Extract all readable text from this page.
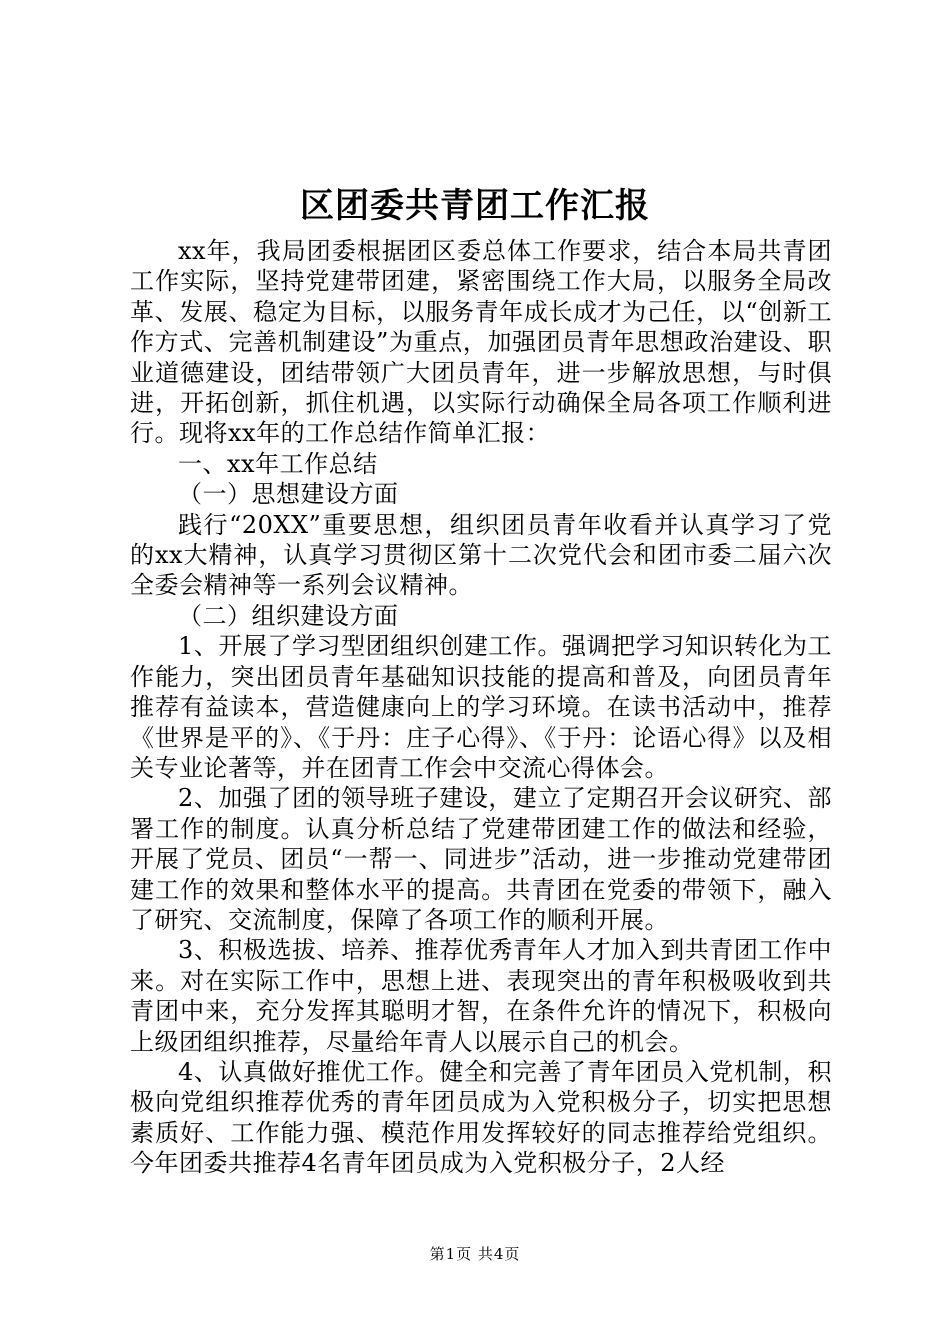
区团委共青团工作汇报

xx年，我局团委根据团区委总体工作要求，结合本局共青团工作实际，坚持党建带团建，紧密围绕工作大局，以服务全局改革、发展、稳定为目标，以服务青年成长成才为己任，以“创新工作方式、完善机制建设”为重点，加强团员青年思想政治建设、职业道德建设，团结带领广大团员青年，进一步解放思想，与时俱进，开拓创新，抓住机遇，以实际行动确保全局各项工作顺利进行。现将xx年的工作总结作简单汇报：

一、xx年工作总结

（一）思想建设方面

践行“20XX”重要思想，组织团员青年收看并认真学习了党的xx大精神，认真学习贯彻区第十二次党代会和团市委二届六次全委会精神等一系列会议精神。

（二）组织建设方面

1、开展了学习型团组织创建工作。强调把学习知识转化为工作能力，突出团员青年基础知识技能的提高和普及，向团员青年推荐有益读本，营造健康向上的学习环境。在读书活动中，推荐《世界是平的》、《于丹：庄子心得》、《于丹：论语心得》以及相关专业论著等，并在团青工作会中交流心得体会。

2、加强了团的领导班子建设，建立了定期召开会议研究、部署工作的制度。认真分析总结了党建带团建工作的做法和经验，开展了党员、团员“一帮一、同进步”活动，进一步推动党建带团建工作的效果和整体水平的提高。共青团在党委的带领下，融入了研究、交流制度，保障了各项工作的顺利开展。

3、积极选拔、培养、推荐优秀青年人才加入到共青团工作中来。对在实际工作中，思想上进、表现突出的青年积极吸收到共青团中来，充分发挥其聪明才智，在条件允许的情况下，积极向上级团组织推荐，尽量给年青人以展示自己的机会。

4、认真做好推优工作。健全和完善了青年团员入党机制，积极向党组织推荐优秀的青年团员成为入党积极分子，切实把思想素质好、工作能力强、模范作用发挥较好的同志推荐给党组织。今年团委共推荐4名青年团员成为入党积极分子，2人经

第1页 共4页
